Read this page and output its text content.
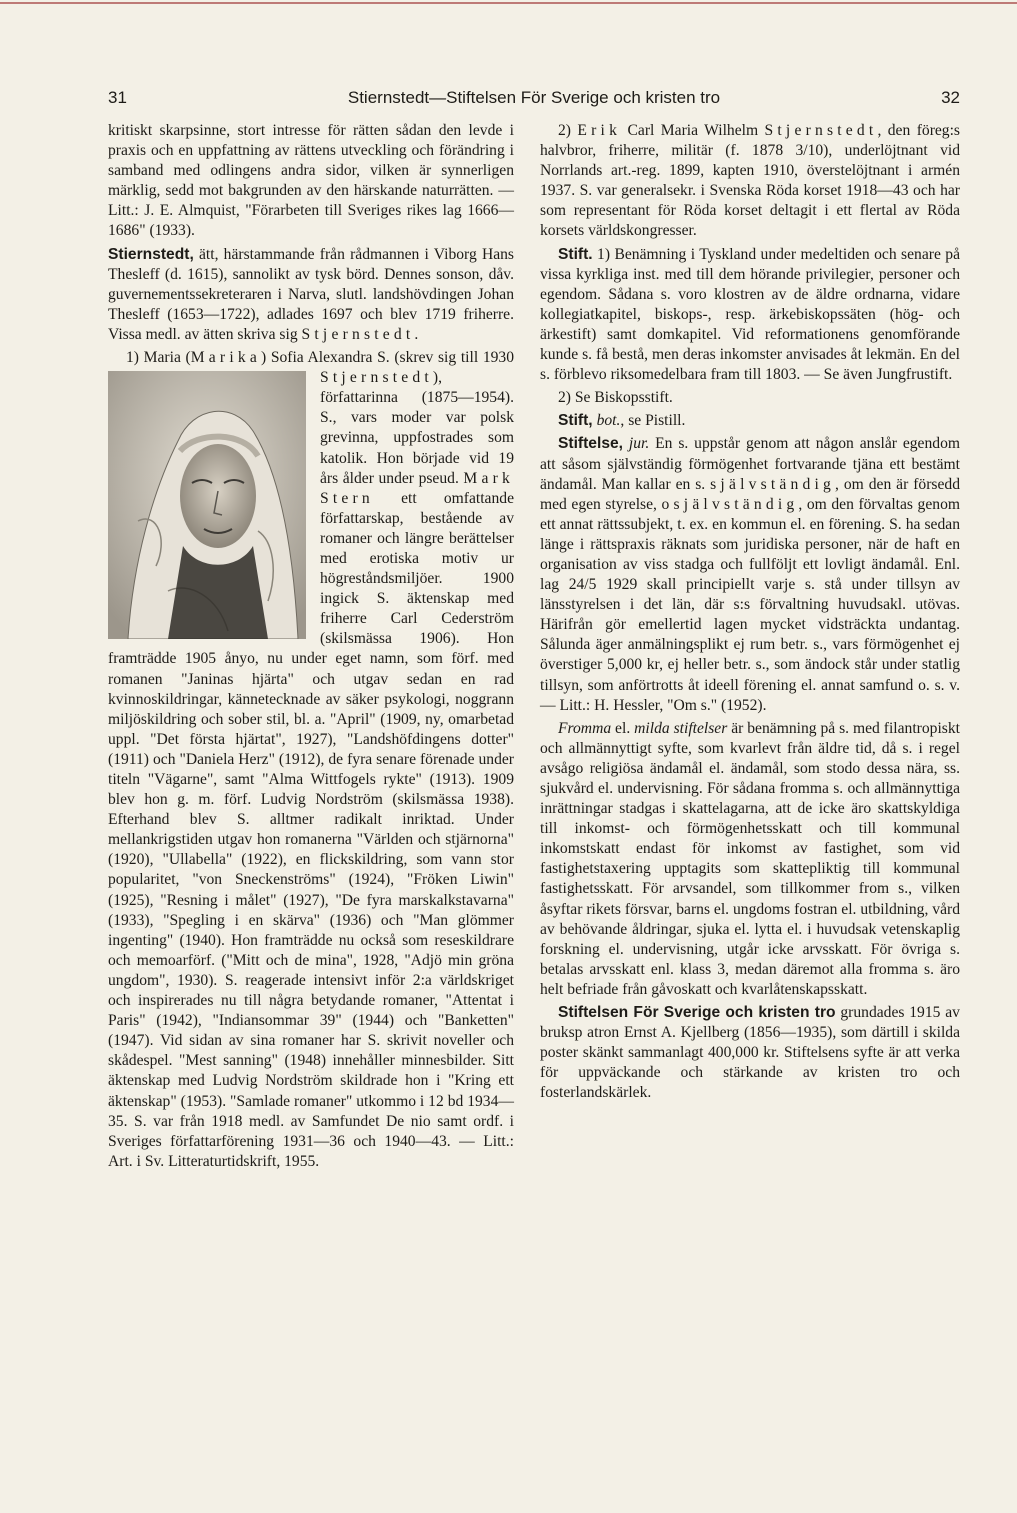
31	Stiernstedt—Stiftelsen För Sverige och kristen tro	32

kritiskt skarpsinne, stort intresse för rätten sådan den levde i praxis och en uppfattning av rättens utveckling och förändring i samband med odlingens andra sidor, vilken är synnerligen märklig, sedd mot bakgrunden av den härskande naturrätten. — Litt.: J. E. Almquist, "Förarbeten till Sveriges rikes lag 1666—1686" (1933).

Stiernstedt, ätt, härstammande från rådmannen i Viborg Hans Thesleff (d. 1615), sannolikt av tysk börd. Dennes sonson, dåv. guvernementssekreteraren i Narva, slutl. landshövdingen Johan Thesleff (1653—1722), adlades 1697 och blev 1719 friherre. Vissa medl. av ätten skriva sig Stjernstedt.

1) Maria (Marika) Sofia Alexandra S. (skrev sig till 1930 Stjernstedt
), författarinna (1875—1954). S., vars moder var polsk grevinna, uppfostrades som katolik. Hon började vid 19 års ålder under pseud. Mark Stern ett omfattande författarskap, bestående av romaner och längre berättelser med erotiska motiv ur högreståndsmiljöer. 1900 ingick S. äktenskap med friherre Carl Cederström (skilsmässa 1906). Hon framträdde 1905 ånyo, nu under eget namn, som förf. med romanen "Janinas hjärta" och utgav sedan en rad kvinnoskildringar, kännetecknade av säker psykologi, noggrann miljöskildring och sober stil, bl. a. "April" (1909, ny, omarbetad uppl. "Det första hjärtat", 1927), "Landshöfdingens dotter" (1911) och "Daniela Herz" (1912), de fyra senare förenade under titeln "Vägarne", samt "Alma Wittfogels rykte" (1913). 1909 blev hon g. m. förf. Ludvig Nordström (skilsmässa 1938). Efterhand blev S. alltmer radikalt inriktad. Under mellankrigstiden utgav hon romanerna "Världen och stjärnorna" (1920), "Ullabella" (1922), en flickskildring, som vann stor popularitet, "von Sneckenströms" (1924), "Fröken Liwin" (1925), "Resning i målet" (1927), "De fyra marskalkstavarna" (1933), "Spegling i en skärva" (1936) och "Man glömmer ingenting" (1940). Hon framträdde nu också som reseskildrare och memoarförf. ("Mitt och de mina", 1928, "Adjö min gröna ungdom", 1930). S. reagerade intensivt inför 2:a världskriget och inspirerades nu till några betydande romaner, "Attentat i Paris" (1942), "Indiansommar 39" (1944) och "Banketten" (1947). Vid sidan av sina romaner har S. skrivit noveller och skådespel. "Mest sanning" (1948) innehåller minnesbilder. Sitt äktenskap med Ludvig Nordström skildrade hon i "Kring ett äktenskap" (1953). "Samlade romaner" utkommo i 12 bd 1934—35. S. var från 1918 medl. av Samfundet De nio samt ordf. i Sveriges författarförening 1931—36 och 1940—43. — Litt.: Art. i Sv. Litteraturtidskrift, 1955.

2) Erik Carl Maria Wilhelm Stjernstedt, den föreg:s halvbror, friherre, militär (f. 1878 3/10), underlöjtnant vid Norrlands art.-reg. 1899, kapten 1910, överstelöjtnant i armén 1937. S. var generalsekr. i Svenska Röda korset 1918—43 och har som representant för Röda korset deltagit i ett flertal av Röda korsets världskongresser.

Stift. 1) Benämning i Tyskland under medeltiden och senare på vissa kyrkliga inst. med till dem hörande privilegier, personer och egendom. Sådana s. voro klostren av de äldre ordnarna, vidare kollegiatkapitel, biskops-, resp. ärkebiskopssäten (hög- och ärkestift) samt domkapitel. Vid reformationens genomförande kunde s. få bestå, men deras inkomster anvisades åt lekmän. En del s. förblevo riksomedelbara fram till 1803. — Se även Jungfrustift.

2) Se Biskopsstift.

Stift, bot., se Pistill.

Stiftelse, jur. En s. uppstår genom att någon anslår egendom att såsom självständig förmögenhet fortvarande tjäna ett bestämt ändamål. Man kallar en s. självständig, om den är försedd med egen styrelse, osjälvständig, om den förvaltas genom ett annat rättssubjekt, t. ex. en kommun el. en förening. S. ha sedan länge i rättspraxis räknats som juridiska personer, när de haft en organisation av viss stadga och fullföljt ett lovligt ändamål. Enl. lag 24/5 1929 skall principiellt varje s. stå under tillsyn av länsstyrelsen i det län, där s:s förvaltning huvudsakl. utövas. Härifrån gör emellertid lagen mycket vidsträckta undantag. Sålunda äger anmälningsplikt ej rum betr. s., vars förmögenhet ej överstiger 5,000 kr, ej heller betr. s., som ändock står under statlig tillsyn, som anförtrotts åt ideell förening el. annat samfund o. s. v. — Litt.: H. Hessler, "Om s." (1952).

Fromma el. milda stiftelser är benämning på s. med filantropiskt och allmännyttigt syfte, som kvarlevt från äldre tid, då s. i regel avsågo religiösa ändamål el. ändamål, som stodo dessa nära, ss. sjukvård el. undervisning. För sådana fromma s. och allmännyttiga inrättningar stadgas i skattelagarna, att de icke äro skattskyldiga till inkomst- och förmögenhetsskatt och till kommunal inkomstskatt endast för inkomst av fastighet, som vid fastighetstaxering upptagits som skattepliktig till kommunal fastighetsskatt. För arvsandel, som tillkommer from s., vilken åsyftar rikets försvar, barns el. ungdoms fostran el. utbildning, vård av behövande åldringar, sjuka el. lytta el. i huvudsak vetenskaplig forskning el. undervisning, utgår icke arvsskatt. För övriga s. betalas arvsskatt enl. klass 3, medan däremot alla fromma s. äro helt befriade från gåvoskatt och kvarlåtenskapsskatt.

Stiftelsen För Sverige och kristen tro grundades 1915 av bruksp atron Ernst A. Kjellberg (1856—1935), som därtill i skilda poster skänkt sammanlagt 400,000 kr. Stiftelsens syfte är att verka för uppväckande och stärkande av kristen tro och fosterlandskärlek.
